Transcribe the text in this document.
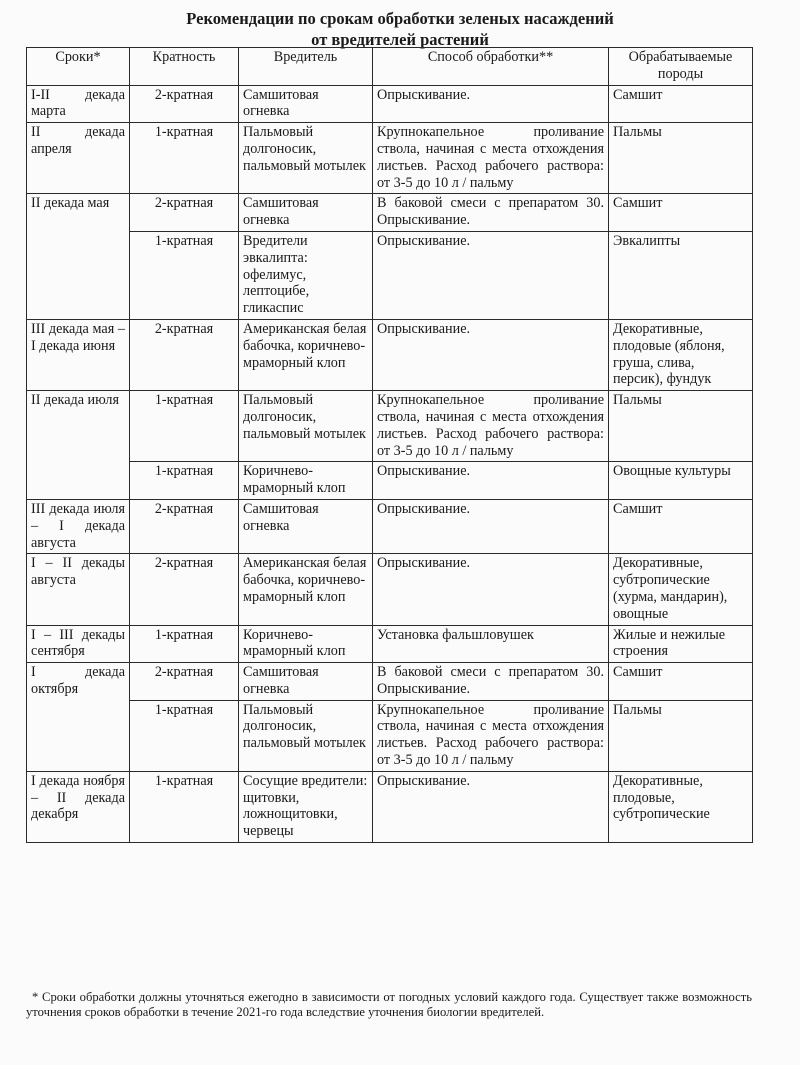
Рекомендации по срокам обработки зеленых насаждений
от вредителей растений
Сроки*	Кратность	Вредитель	Способ обработки**	Обрабатываемые породы
I-II декада марта	2-кратная	Самшитовая огневка	Опрыскивание.	Самшит
II декада апреля	1-кратная	Пальмовый долгоносик, пальмовый мотылек	Крупнокапельное проливание ствола, начиная с места отхождения листьев. Расход рабочего раствора: от 3-5 до 10 л / пальму	Пальмы
II декада мая	2-кратная	Самшитовая огневка	В баковой смеси с препаратом 30. Опрыскивание.	Самшит
	1-кратная	Вредители эвкалипта: офелимус, лептоцибе, гликаспис	Опрыскивание.	Эвкалипты
III декада мая – I декада июня	2-кратная	Американская белая бабочка, коричнево-мраморный клоп	Опрыскивание.	Декоративные, плодовые (яблоня, груша, слива, персик), фундук
II декада июля	1-кратная	Пальмовый долгоносик, пальмовый мотылек	Крупнокапельное проливание ствола, начиная с места отхождения листьев. Расход рабочего раствора: от 3-5 до 10 л / пальму	Пальмы
	1-кратная	Коричнево-мраморный клоп	Опрыскивание.	Овощные культуры
III декада июля – I декада августа	2-кратная	Самшитовая огневка	Опрыскивание.	Самшит
I – II декады августа	2-кратная	Американская белая бабочка, коричнево-мраморный клоп	Опрыскивание.	Декоративные, субтропические (хурма, мандарин), овощные
I – III декады сентября	1-кратная	Коричнево-мраморный клоп	Установка фальшловушек	Жилые и нежилые строения
I декада октября	2-кратная	Самшитовая огневка	В баковой смеси с препаратом 30. Опрыскивание.	Самшит
	1-кратная	Пальмовый долгоносик, пальмовый мотылек	Крупнокапельное проливание ствола, начиная с места отхождения листьев. Расход рабочего раствора: от 3-5 до 10 л / пальму	Пальмы
I декада ноября – II декада декабря	1-кратная	Сосущие вредители: щитовки, ложнощитовки, червецы	Опрыскивание.	Декоративные, плодовые, субтропические
* Сроки обработки должны уточняться ежегодно в зависимости от погодных условий каждого года. Существует также возможность уточнения сроков обработки в течение 2021-го года вследствие уточнения биологии вредителей.
